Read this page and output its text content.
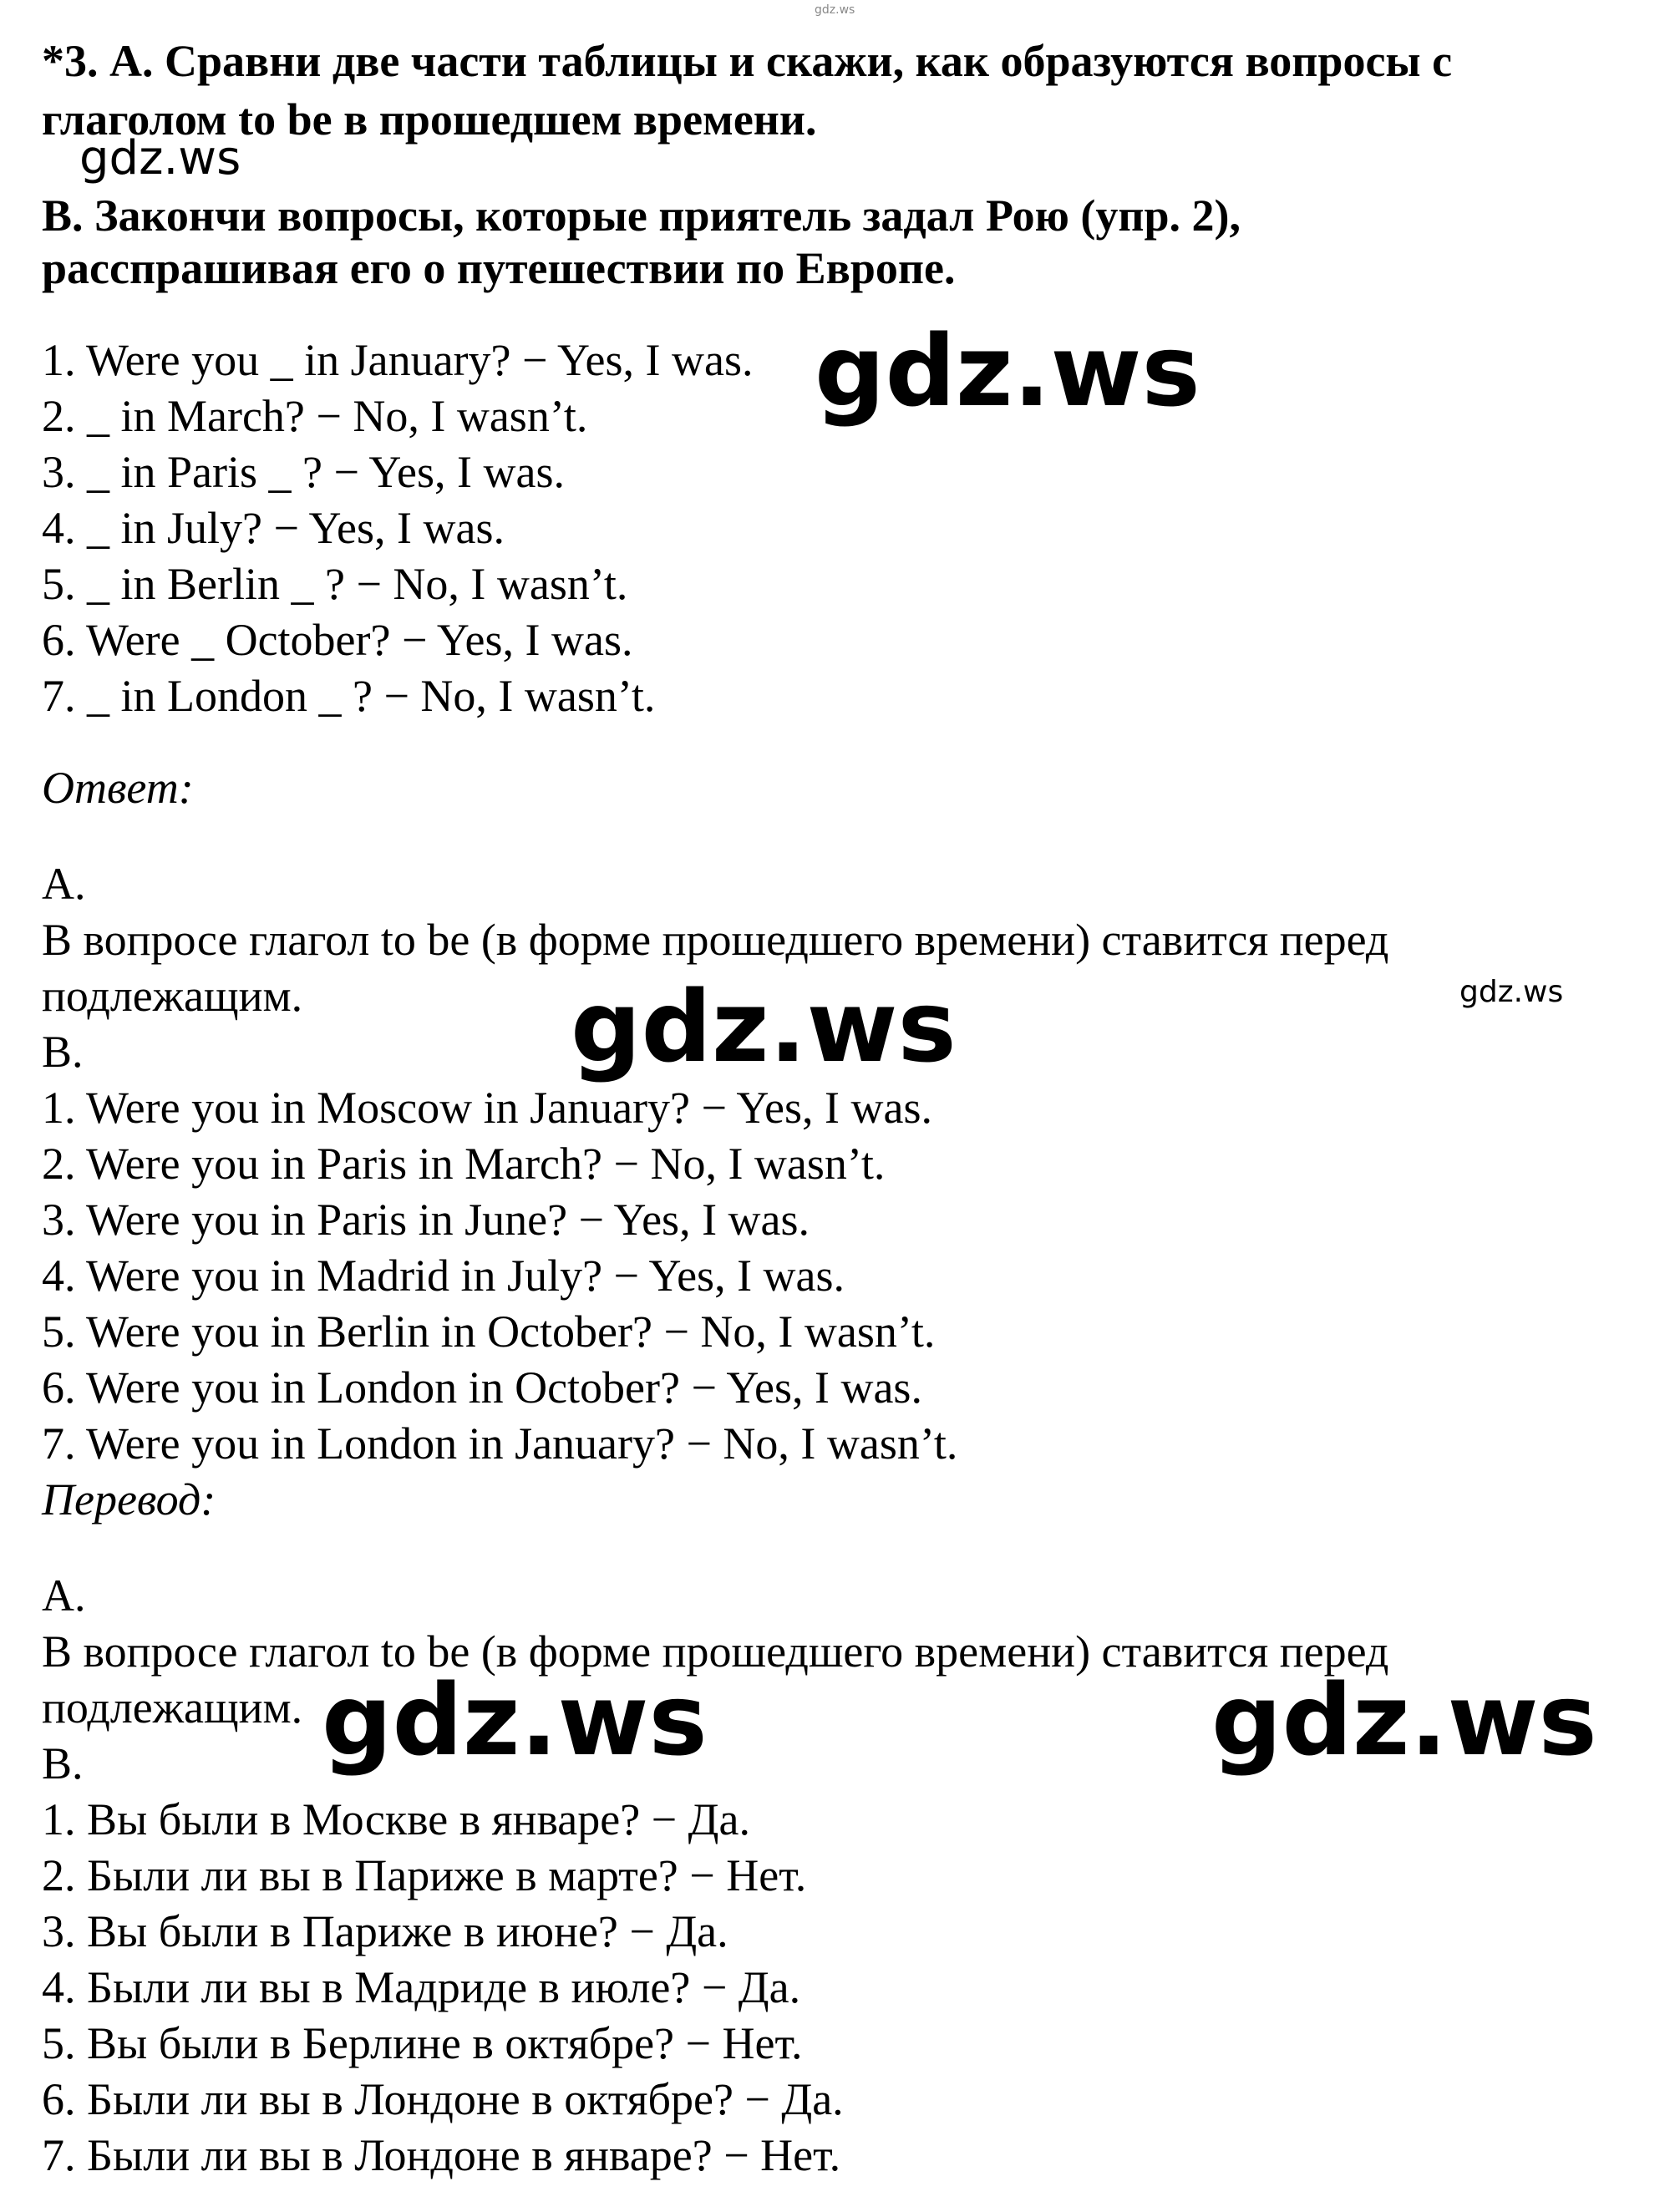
gdz.ws
*3. А. Сравни две части таблицы и скажи, как образуются вопросы с
глаголом to be в прошедшем времени.
gdz.ws
В. Закончи вопросы, которые приятель задал Рою (упр. 2),
расспрашивая его о путешествии по Европе.
1. Were you _ in January? − Yes, I was.
2. _ in March? − No, I wasn’t.
3. _ in Paris _ ? − Yes, I was.
4. _ in July? − Yes, I was.
5. _ in Berlin _ ? − No, I wasn’t.
6. Were _ October? − Yes, I was.
7. _ in London _ ? − No, I wasn’t.
gdz.ws
Ответ:
А.
В вопросе глагол to be (в форме прошедшего времени) ставится перед
подлежащим.	gdz.ws
gdz.ws
В.
1. Were you in Moscow in January? − Yes, I was.
2. Were you in Paris in March? − No, I wasn’t.
3. Were you in Paris in June? − Yes, I was.
4. Were you in Madrid in July? − Yes, I was.
5. Were you in Berlin in October? − No, I wasn’t.
6. Were you in London in October? − Yes, I was.
7. Were you in London in January? − No, I wasn’t.
Перевод:
А.
В вопросе глагол to be (в форме прошедшего времени) ставится перед
подлежащим. gdz.ws	gdz.ws
В.
1. Вы были в Москве в январе? − Да.
2. Были ли вы в Париже в марте? − Нет.
3. Вы были в Париже в июне? − Да.
4. Были ли вы в Мадриде в июле? − Да.
5. Вы были в Берлине в октябре? − Нет.
6. Были ли вы в Лондоне в октябре? − Да.
7. Были ли вы в Лондоне в январе? − Нет.
